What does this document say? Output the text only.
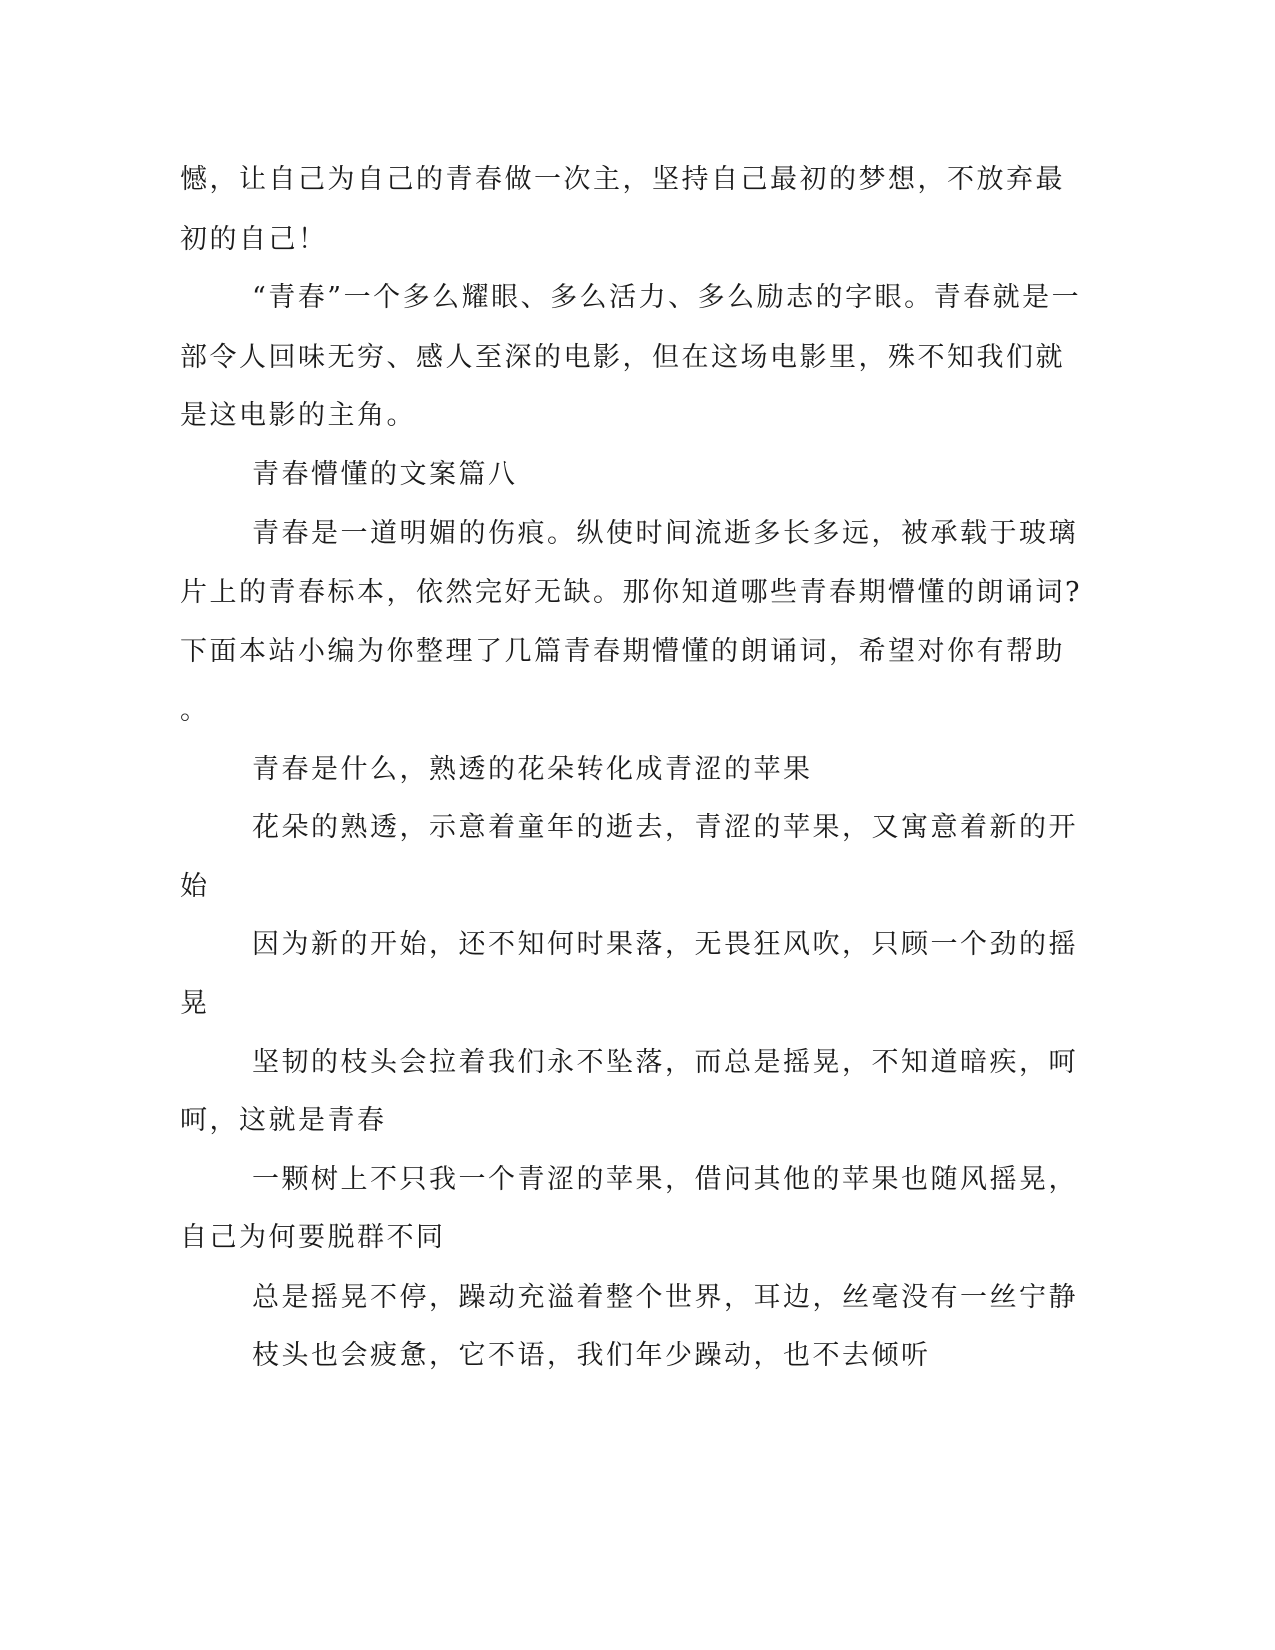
憾，让自己为自己的青春做一次主，坚持自己最初的梦想，不放弃最
初的自己！
“青春”一个多么耀眼、多么活力、多么励志的字眼。青春就是一
部令人回味无穷、感人至深的电影，但在这场电影里，殊不知我们就
是这电影的主角。
青春懵懂的文案篇八
青春是一道明媚的伤痕。纵使时间流逝多长多远，被承载于玻璃
片上的青春标本，依然完好无缺。那你知道哪些青春期懵懂的朗诵词?
下面本站小编为你整理了几篇青春期懵懂的朗诵词，希望对你有帮助
。
青春是什么，熟透的花朵转化成青涩的苹果
花朵的熟透，示意着童年的逝去，青涩的苹果，又寓意着新的开
始
因为新的开始，还不知何时果落，无畏狂风吹，只顾一个劲的摇
晃
坚韧的枝头会拉着我们永不坠落，而总是摇晃，不知道暗疾，呵
呵，这就是青春
一颗树上不只我一个青涩的苹果，借问其他的苹果也随风摇晃，
自己为何要脱群不同
总是摇晃不停，躁动充溢着整个世界，耳边，丝毫没有一丝宁静
枝头也会疲惫，它不语，我们年少躁动，也不去倾听
